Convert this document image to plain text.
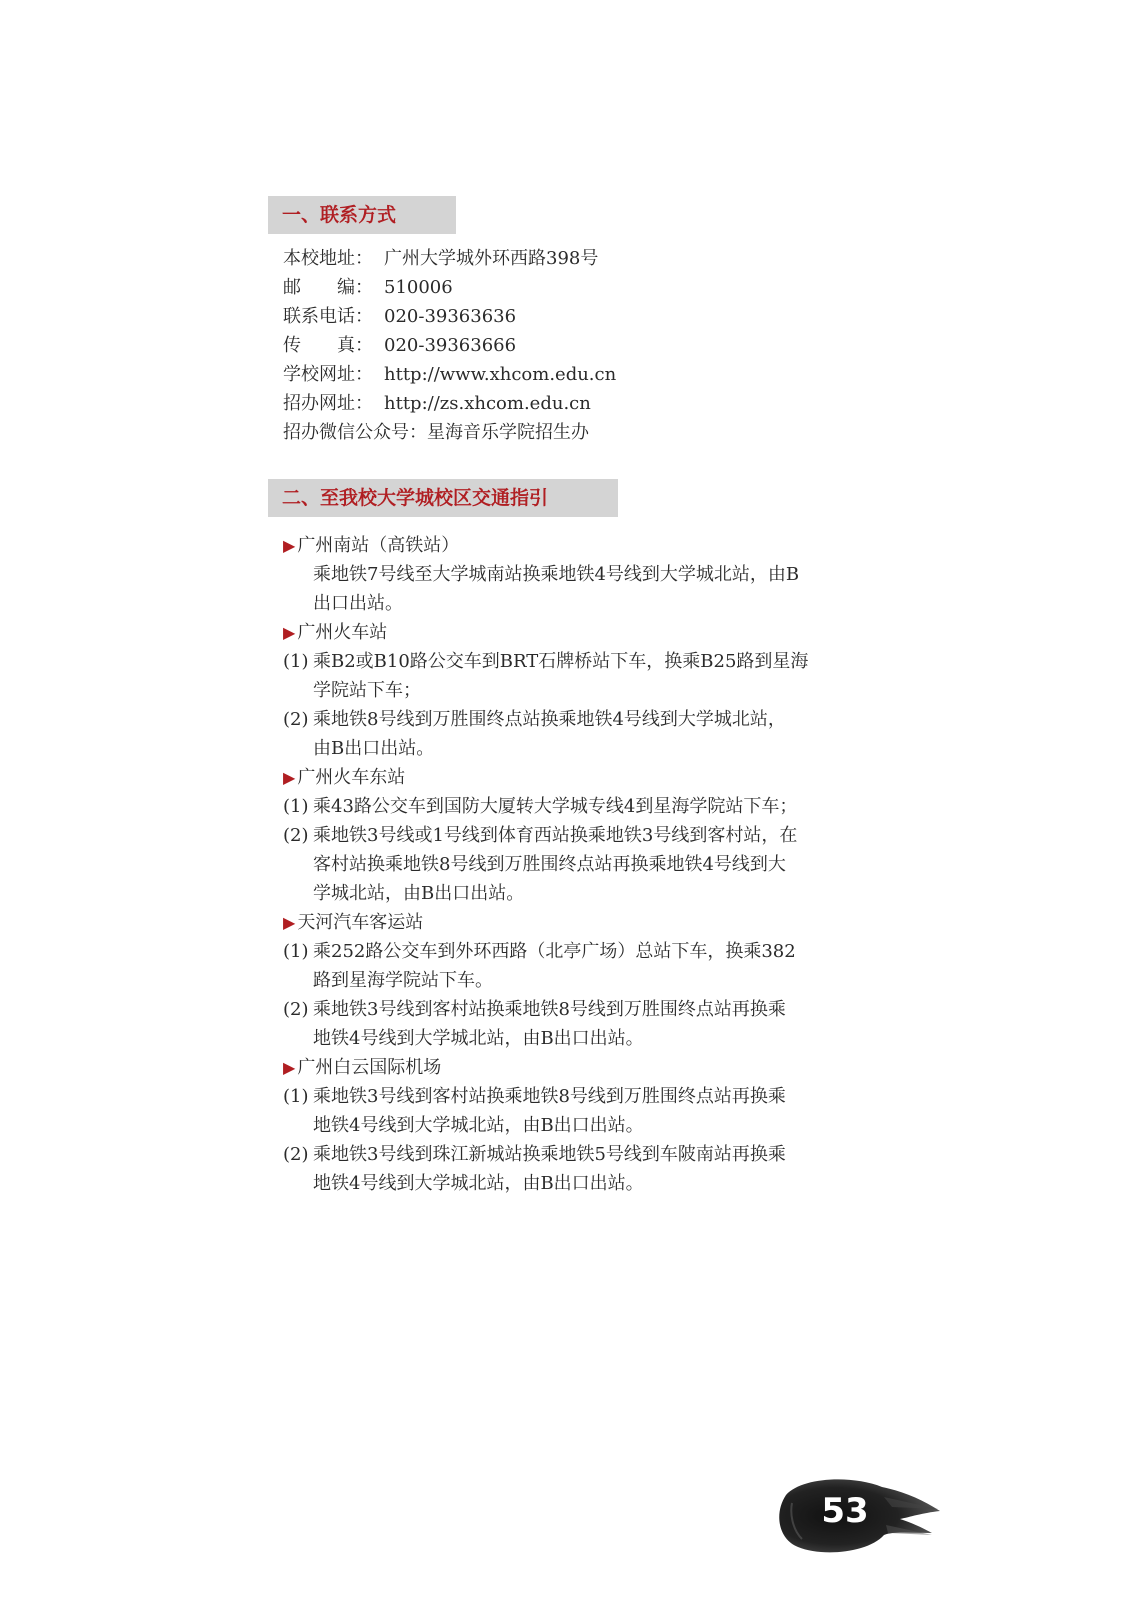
一、联系方式
本校地址： 广州大学城外环西路398号
邮　　编： 510006
联系电话： 020-39363636
传　　真： 020-39363666
学校网址： http://www.xhcom.edu.cn
招办网址： http://zs.xhcom.edu.cn
招办微信公众号：星海音乐学院招生办
二、至我校大学城校区交通指引
▶ 广州南站（高铁站）
乘地铁7号线至大学城南站换乘地铁4号线到大学城北站，由B
出口出站。
▶ 广州火车站
(1) 乘B2或B10路公交车到BRT石牌桥站下车，换乘B25路到星海
学院站下车；
(2) 乘地铁8号线到万胜围终点站换乘地铁4号线到大学城北站，
由B出口出站。
▶ 广州火车东站
(1) 乘43路公交车到国防大厦转大学城专线4到星海学院站下车；
(2) 乘地铁3号线或1号线到体育西站换乘地铁3号线到客村站，在
客村站换乘地铁8号线到万胜围终点站再换乘地铁4号线到大
学城北站，由B出口出站。
▶ 天河汽车客运站
(1) 乘252路公交车到外环西路（北亭广场）总站下车，换乘382
路到星海学院站下车。
(2) 乘地铁3号线到客村站换乘地铁8号线到万胜围终点站再换乘
地铁4号线到大学城北站，由B出口出站。
▶ 广州白云国际机场
(1) 乘地铁3号线到客村站换乘地铁8号线到万胜围终点站再换乘
地铁4号线到大学城北站，由B出口出站。
(2) 乘地铁3号线到珠江新城站换乘地铁5号线到车陂南站再换乘
地铁4号线到大学城北站，由B出口出站。
53
